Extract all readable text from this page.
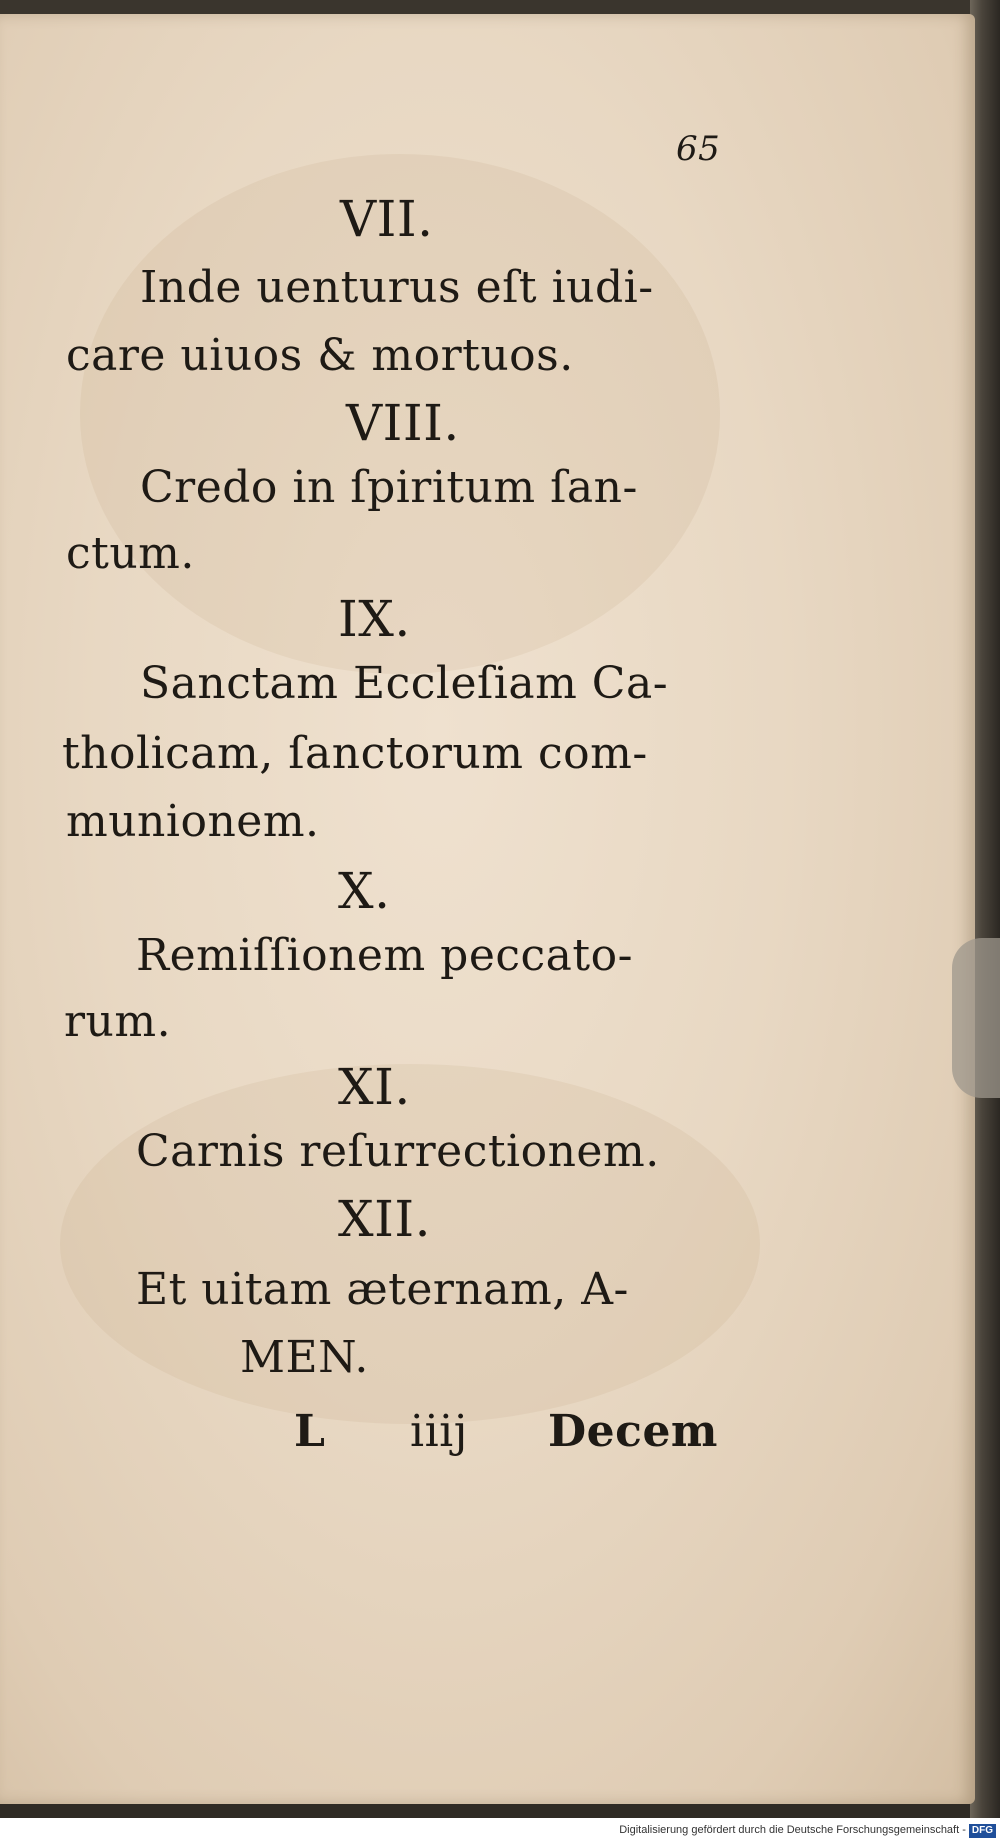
65

VII.

Inde uenturus eſt iudi-

care uiuos & mortuos.

VIII.

Credo in ſpiritum ſan-

ctum.

IX.

Sanctam Eccleſiam Ca-

tholicam, ſanctorum com-

munionem.

X.

Remiſſionem peccato-

rum.

XI.

Carnis reſurrectionem.

XII.

Et uitam æternam, A-

MEN.

L iiij Decem

Digitalisierung gefördert durch die Deutsche Forschungsgemeinschaft - DFG
